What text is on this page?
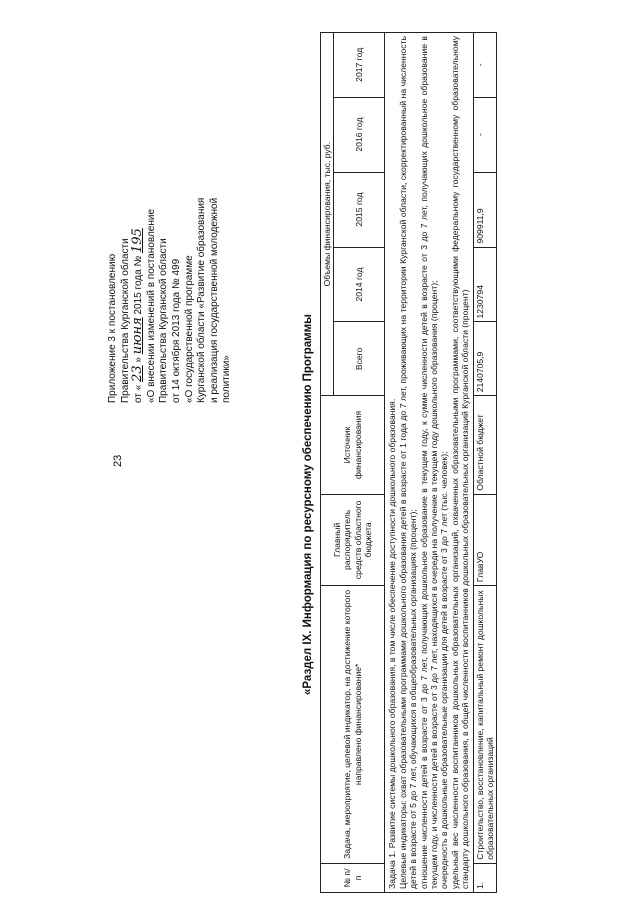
23
Приложение 3 к постановлению Правительства Курганской области от « 23 » июня 2015 года № 195 «О внесении изменений в постановление Правительства Курганской области от 14 октября 2013 года № 499 «О государственной программе Курганской области «Развитие образования и реализация государственной молодежной политики»	«Раздел IX. Информация по ресурсному обеспечению Программы
№ п/п	Задача, мероприятие, целевой индикатор, на достижение которого направлено финансирование*	Главный распорядитель средств областного бюджета	Источник финансирования	Объемы финансирования, тыс. руб.				
				Всего	2014 год	2015 год	2016 год	2017 год

Задача 1. Развитие системы дошкольного образования, в том числе обеспечение доступности дошкольного образования. Целевые индикаторы: охват образовательными программами дошкольного образования детей в возрасте от 1 года до 7 лет, проживающих на территории Курганской области, скорректированный на численность детей в возрасте от 5 до 7 лет, обучающихся в общеобразовательных организациях (процент); отношение численности детей в возрасте от 3 до 7 лет, получающих дошкольное образование в текущем году, к сумме численности детей в возрасте от 3 до 7 лет, получающих дошкольное образование в текущем году, и численности детей в возрасте от 3 до 7 лет, находящихся в очереди на получение в текущем году дошкольного образования (процент); очередность в дошкольные образовательные организации для детей в возрасте от 3 до 7 лет (тыс. человек); удельный вес численности воспитанников дошкольных образовательных организаций, охваченных образовательными программами, соответствующими федеральному государственному образовательному стандарту дошкольного образования, в общей численности воспитанников дошкольных образовательных организаций Курганской области (процент)								

1.	Строительство, восстановление, капитальный ремонт дошкольных образовательных организаций	ГлавУО	Областной бюджет	2140705,9	1230794	909911,9	-	-
